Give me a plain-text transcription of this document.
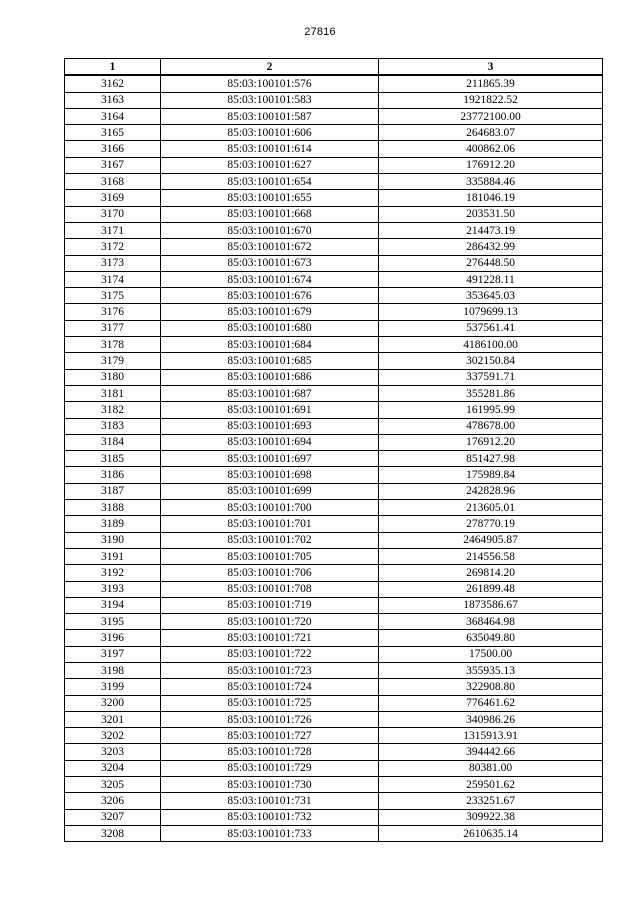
27816
1	2	3
3162	85:03:100101:576	211865.39
3163	85:03:100101:583	1921822.52
3164	85:03:100101:587	23772100.00
3165	85:03:100101:606	264683.07
3166	85:03:100101:614	400862.06
3167	85:03:100101:627	176912.20
3168	85:03:100101:654	335884.46
3169	85:03:100101:655	181046.19
3170	85:03:100101:668	203531.50
3171	85:03:100101:670	214473.19
3172	85:03:100101:672	286432.99
3173	85:03:100101:673	276448.50
3174	85:03:100101:674	491228.11
3175	85:03:100101:676	353645.03
3176	85:03:100101:679	1079699.13
3177	85:03:100101:680	537561.41
3178	85:03:100101:684	4186100.00
3179	85:03:100101:685	302150.84
3180	85:03:100101:686	337591.71
3181	85:03:100101:687	355281.86
3182	85:03:100101:691	161995.99
3183	85:03:100101:693	478678.00
3184	85:03:100101:694	176912.20
3185	85:03:100101:697	851427.98
3186	85:03:100101:698	175989.84
3187	85:03:100101:699	242828.96
3188	85:03:100101:700	213605.01
3189	85:03:100101:701	278770.19
3190	85:03:100101:702	2464905.87
3191	85:03:100101:705	214556.58
3192	85:03:100101:706	269814.20
3193	85:03:100101:708	261899.48
3194	85:03:100101:719	1873586.67
3195	85:03:100101:720	368464.98
3196	85:03:100101:721	635049.80
3197	85:03:100101:722	17500.00
3198	85:03:100101:723	355935.13
3199	85:03:100101:724	322908.80
3200	85:03:100101:725	776461.62
3201	85:03:100101:726	340986.26
3202	85:03:100101:727	1315913.91
3203	85:03:100101:728	394442.66
3204	85:03:100101:729	80381.00
3205	85:03:100101:730	259501.62
3206	85:03:100101:731	233251.67
3207	85:03:100101:732	309922.38
3208	85:03:100101:733	2610635.14
